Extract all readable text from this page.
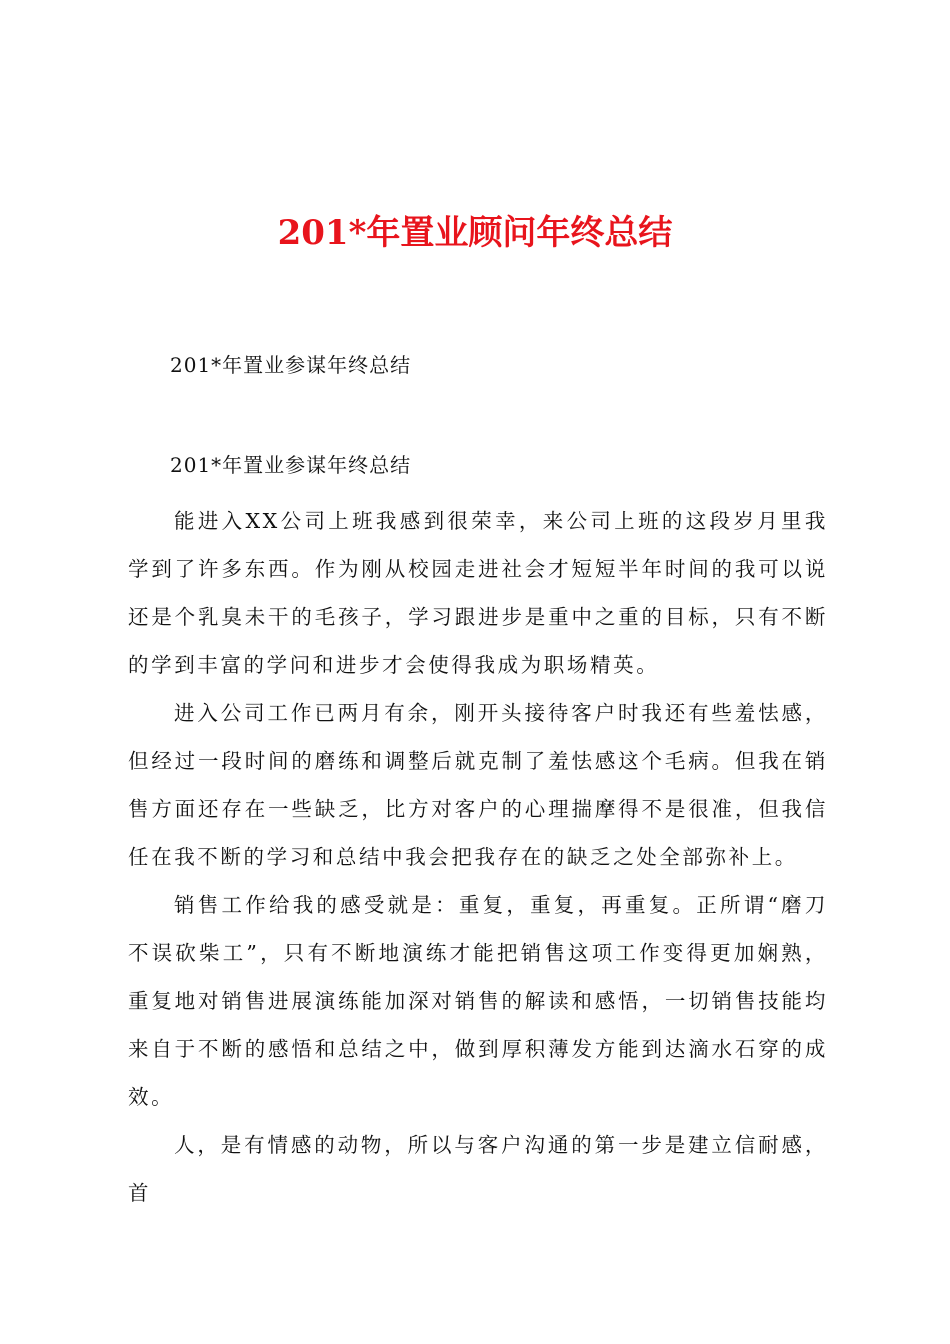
201*年置业顾问年终总结
201*年置业参谋年终总结
201*年置业参谋年终总结

能进入XX公司上班我感到很荣幸，来公司上班的这段岁月里我学到了许多东西。作为刚从校园走进社会才短短半年时间的我可以说还是个乳臭未干的毛孩子，学习跟进步是重中之重的目标，只有不断的学到丰富的学问和进步才会使得我成为职场精英。

进入公司工作已两月有余，刚开头接待客户时我还有些羞怯感，但经过一段时间的磨练和调整后就克制了羞怯感这个毛病。但我在销售方面还存在一些缺乏，比方对客户的心理揣摩得不是很准，但我信任在我不断的学习和总结中我会把我存在的缺乏之处全部弥补上。

销售工作给我的感受就是：重复，重复，再重复。正所谓“磨刀不误砍柴工”，只有不断地演练才能把销售这项工作变得更加娴熟，重复地对销售进展演练能加深对销售的解读和感悟，一切销售技能均来自于不断的感悟和总结之中，做到厚积薄发方能到达滴水石穿的成效。

人，是有情感的动物，所以与客户沟通的第一步是建立信耐感，首
